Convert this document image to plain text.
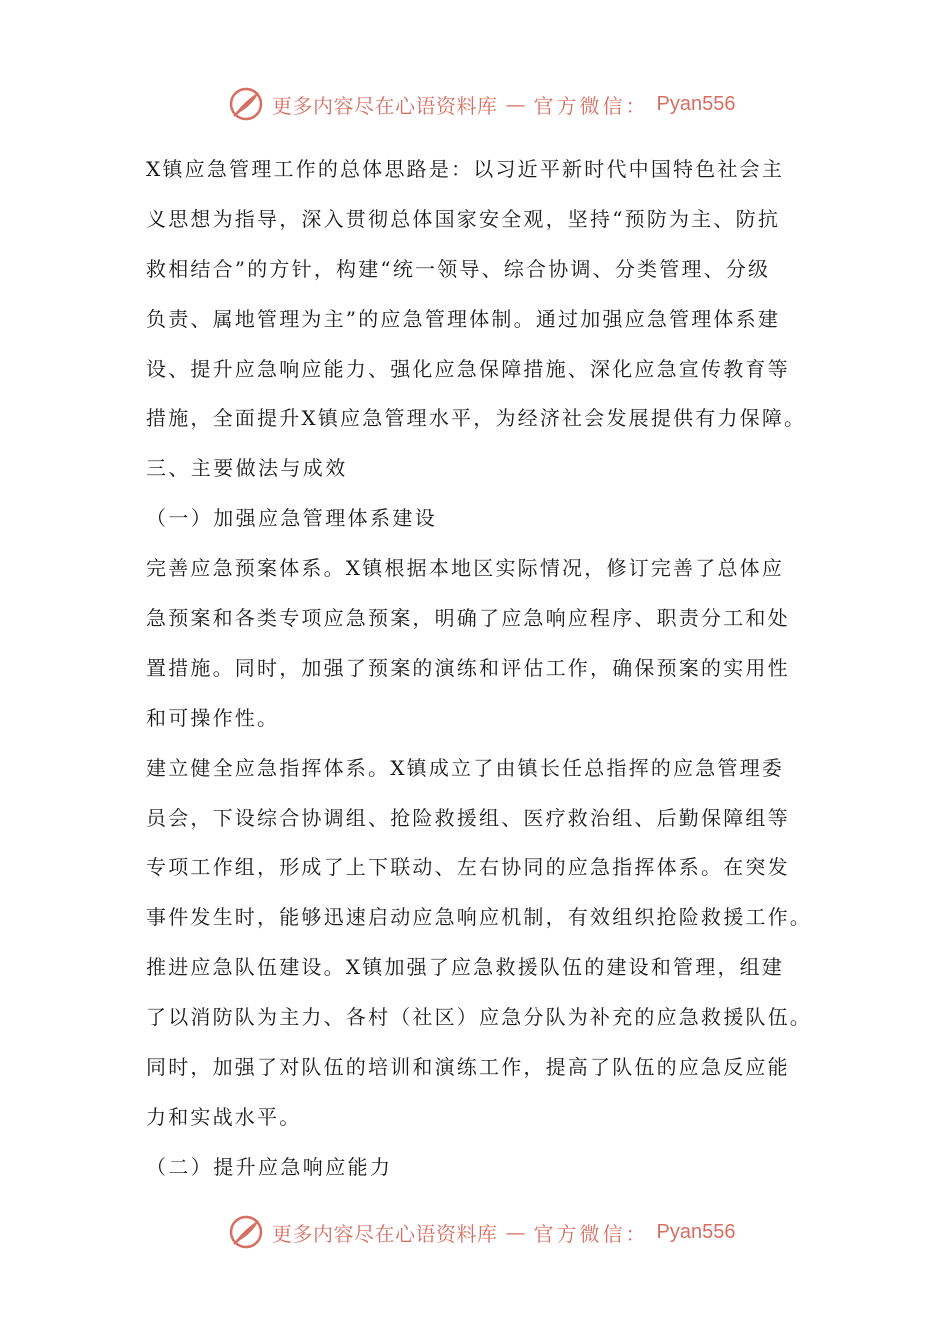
更多内容尽在心语资料库 — 官方微信： Pyan556
X镇应急管理工作的总体思路是：以习近平新时代中国特色社会主
义思想为指导，深入贯彻总体国家安全观，坚持“预防为主、防抗
救相结合”的方针，构建“统一领导、综合协调、分类管理、分级
负责、属地管理为主”的应急管理体制。通过加强应急管理体系建
设、提升应急响应能力、强化应急保障措施、深化应急宣传教育等
措施，全面提升X镇应急管理水平，为经济社会发展提供有力保障。
三、主要做法与成效
（一）加强应急管理体系建设
完善应急预案体系。X镇根据本地区实际情况，修订完善了总体应
急预案和各类专项应急预案，明确了应急响应程序、职责分工和处
置措施。同时，加强了预案的演练和评估工作，确保预案的实用性
和可操作性。
建立健全应急指挥体系。X镇成立了由镇长任总指挥的应急管理委
员会，下设综合协调组、抢险救援组、医疗救治组、后勤保障组等
专项工作组，形成了上下联动、左右协同的应急指挥体系。在突发
事件发生时，能够迅速启动应急响应机制，有效组织抢险救援工作。
推进应急队伍建设。X镇加强了应急救援队伍的建设和管理，组建
了以消防队为主力、各村（社区）应急分队为补充的应急救援队伍。
同时，加强了对队伍的培训和演练工作，提高了队伍的应急反应能
力和实战水平。
（二）提升应急响应能力
更多内容尽在心语资料库 — 官方微信： Pyan556
